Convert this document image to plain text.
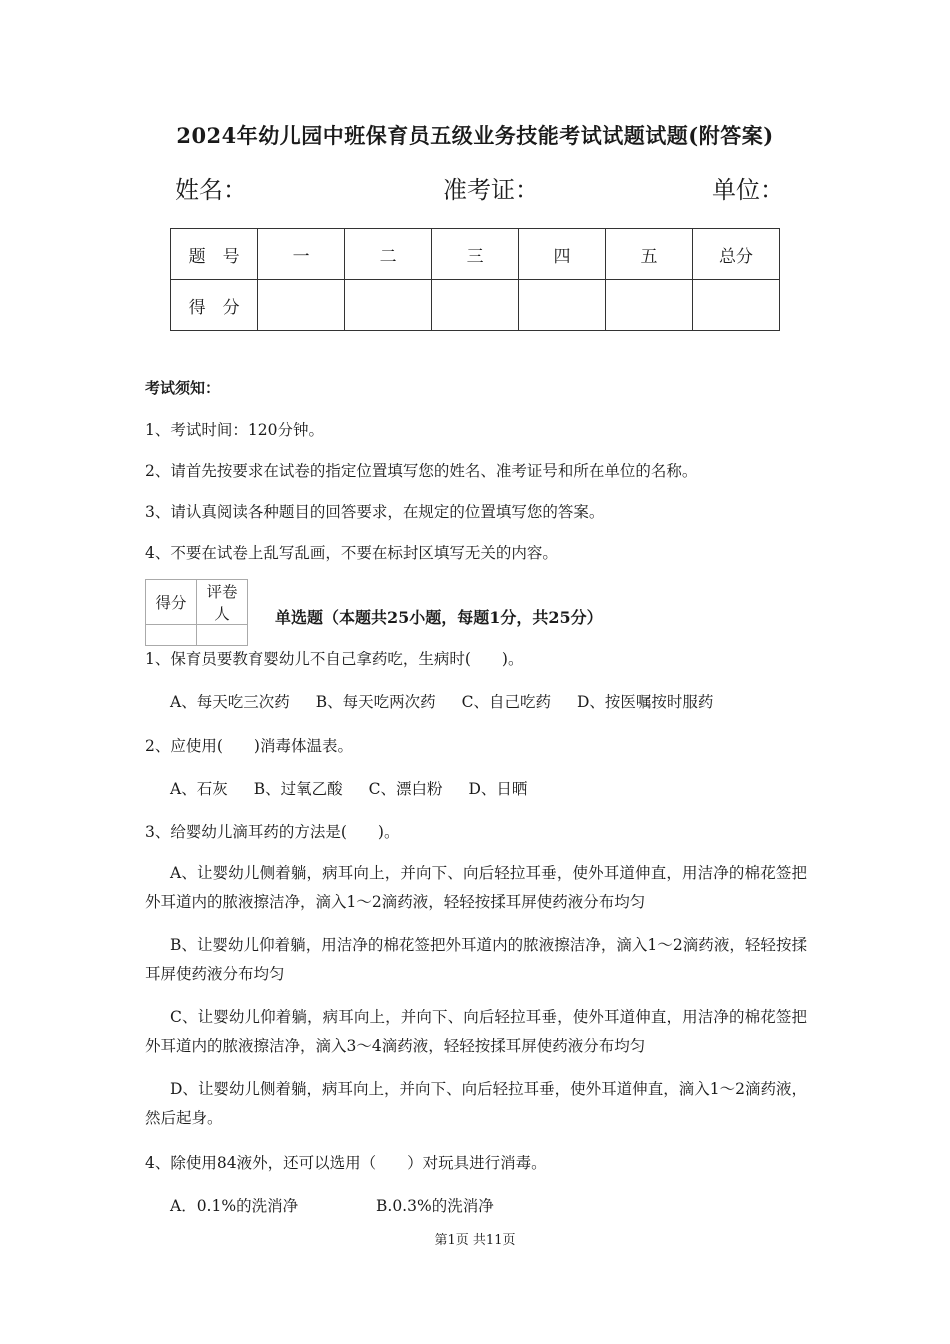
2024年幼儿园中班保育员五级业务技能考试试题试题(附答案)
姓名：	准考证：	单位：
题　号	一	二	三	四	五	总分
得　分						
考试须知：
1、考试时间：120分钟。
2、请首先按要求在试卷的指定位置填写您的姓名、准考证号和所在单位的名称。
3、请认真阅读各种题目的回答要求，在规定的位置填写您的答案。
4、不要在试卷上乱写乱画，不要在标封区填写无关的内容。
得分	评卷人
		单选题（本题共25小题，每题1分，共25分）
1、保育员要教育婴幼儿不自己拿药吃，生病时(　　)。
A、每天吃三次药 B、每天吃两次药 C、自己吃药 D、按医嘱按时服药
2、应使用(　　)消毒体温表。
A、石灰 B、过氧乙酸 C、漂白粉 D、日晒
3、给婴幼儿滴耳药的方法是(　　)。
A、让婴幼儿侧着躺，病耳向上，并向下、向后轻拉耳垂，使外耳道伸直，用洁净的棉花签把外耳道内的脓液擦洁净，滴入1～2滴药液，轻轻按揉耳屏使药液分布均匀
B、让婴幼儿仰着躺，用洁净的棉花签把外耳道内的脓液擦洁净，滴入1～2滴药液，轻轻按揉耳屏使药液分布均匀
C、让婴幼儿仰着躺，病耳向上，并向下、向后轻拉耳垂，使外耳道伸直，用洁净的棉花签把外耳道内的脓液擦洁净，滴入3～4滴药液，轻轻按揉耳屏使药液分布均匀
D、让婴幼儿侧着躺，病耳向上，并向下、向后轻拉耳垂，使外耳道伸直，滴入1～2滴药液，然后起身。
4、除使用84液外，还可以选用（　　）对玩具进行消毒。
A．0.1%的洗消净	B.0.3%的洗消净
第1页 共11页
